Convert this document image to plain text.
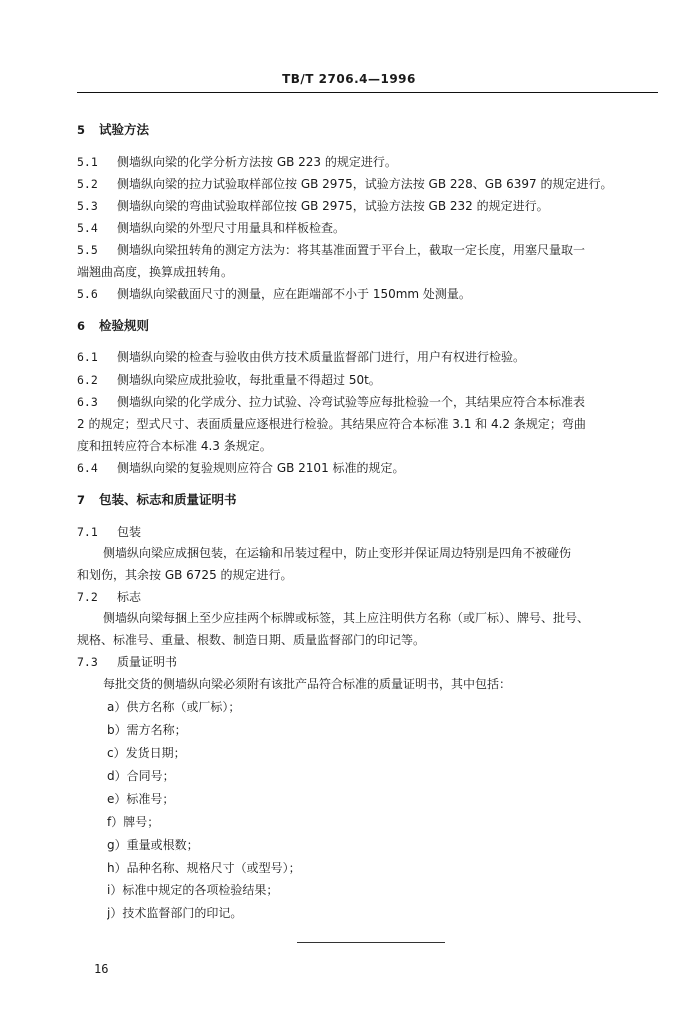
TB/T 2706.4—1996
5 试验方法
5.1 侧墙纵向梁的化学分析方法按 GB 223 的规定进行。
5.2 侧墙纵向梁的拉力试验取样部位按 GB 2975，试验方法按 GB 228、GB 6397 的规定进行。
5.3 侧墙纵向梁的弯曲试验取样部位按 GB 2975，试验方法按 GB 232 的规定进行。
5.4 侧墙纵向梁的外型尺寸用量具和样板检查。
5.5 侧墙纵向梁扭转角的测定方法为：将其基准面置于平台上，截取一定长度，用塞尺量取一
端翘曲高度，换算成扭转角。
5.6 侧墙纵向梁截面尺寸的测量，应在距端部不小于 150mm 处测量。
6 检验规则
6.1 侧墙纵向梁的检查与验收由供方技术质量监督部门进行，用户有权进行检验。
6.2 侧墙纵向梁应成批验收，每批重量不得超过 50t。
6.3 侧墙纵向梁的化学成分、拉力试验、冷弯试验等应每批检验一个，其结果应符合本标准表
2 的规定；型式尺寸、表面质量应逐根进行检验。其结果应符合本标准 3.1 和 4.2 条规定；弯曲
度和扭转应符合本标准 4.3 条规定。
6.4 侧墙纵向梁的复验规则应符合 GB 2101 标准的规定。
7 包装、标志和质量证明书
7.1 包装
侧墙纵向梁应成捆包装，在运输和吊装过程中，防止变形并保证周边特别是四角不被碰伤
和划伤，其余按 GB 6725 的规定进行。
7.2 标志
侧墙纵向梁每捆上至少应挂两个标牌或标签，其上应注明供方名称（或厂标）、牌号、批号、
规格、标准号、重量、根数、制造日期、质量监督部门的印记等。
7.3 质量证明书
每批交货的侧墙纵向梁必须附有该批产品符合标准的质量证明书，其中包括：
a）供方名称（或厂标）；
b）需方名称；
c）发货日期；
d）合同号；
e）标准号；
f）牌号；
g）重量或根数；
h）品种名称、规格尺寸（或型号）；
i）标准中规定的各项检验结果；
j）技术监督部门的印记。
16
